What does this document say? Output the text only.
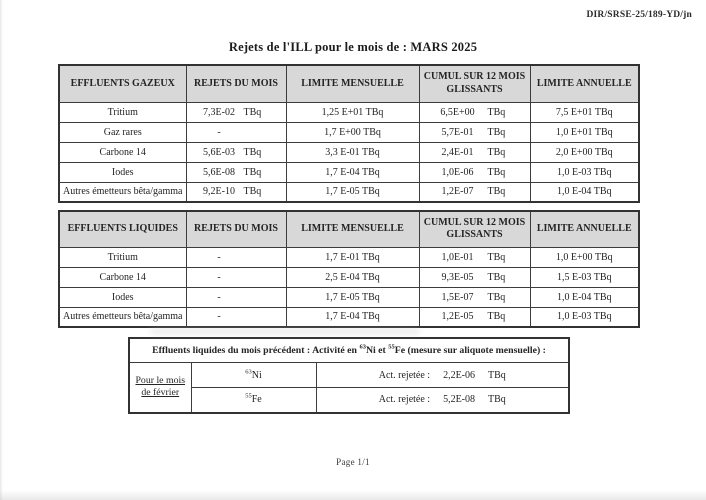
DIR/SRSE-25/189-YD/jn
Rejets de l'ILL pour le mois de : MARS 2025
EFFLUENTS GAZEUX	REJETS DU MOIS	LIMITE MENSUELLE	CUMUL SUR 12 MOIS GLISSANTS	LIMITE ANNUELLE
Tritium	7,3E-02 TBq	1,25 E+01 TBq	6,5E+00 TBq	7,5 E+01 TBq
Gaz rares	-	1,7 E+00 TBq	5,7E-01 TBq	1,0 E+01 TBq
Carbone 14	5,6E-03 TBq	3,3 E-01 TBq	2,4E-01 TBq	2,0 E+00 TBq
Iodes	5,6E-08 TBq	1,7 E-04 TBq	1,0E-06 TBq	1,0 E-03 TBq
Autres émetteurs bêta/gamma	9,2E-10 TBq	1,7 E-05 TBq	1,2E-07 TBq	1,0 E-04 TBq
EFFLUENTS LIQUIDES	REJETS DU MOIS	LIMITE MENSUELLE	CUMUL SUR 12 MOIS GLISSANTS	LIMITE ANNUELLE
Tritium	-	1,7 E-01 TBq	1,0E-01 TBq	1,0 E+00 TBq
Carbone 14	-	2,5 E-04 TBq	9,3E-05 TBq	1,5 E-03 TBq
Iodes	-	1,7 E-05 TBq	1,5E-07 TBq	1,0 E-04 TBq
Autres émetteurs bêta/gamma	-	1,7 E-04 TBq	1,2E-05 TBq	1,0 E-03 TBq
Effluents liquides du mois précédent : Activité en $^{63}$Ni et $^{55}$Fe (mesure sur aliquote mensuelle) :		

Pour le mois
de février	$^{63}$Ni	Act. rejetée : 2,2E-06 TBq
	$^{55}$Fe	Act. rejetée : 5,2E-08 TBq
Page 1/1
